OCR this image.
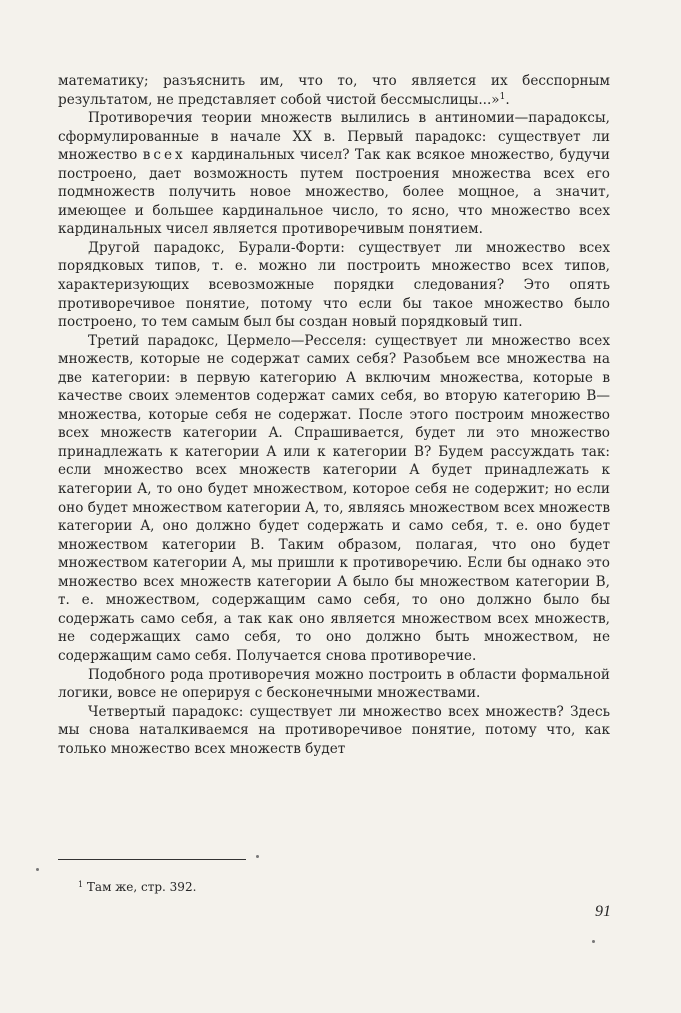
математику; разъяснить им, что то, что является их бесспорным результатом, не представляет собой чистой бессмыслицы...»$^1$.

Противоречия теории множеств вылились в антиномии—парадоксы, сформулированные в начале XX в. Первый парадокс: существует ли множество всех кардинальных чисел? Так как всякое множество, будучи построено, дает возможность путем построения множества всех его подмножеств получить новое множество, более мощное, а значит, имеющее и большее кардинальное число, то ясно, что множество всех кардинальных чисел является противоречивым понятием.

Другой парадокс, Бурали-Форти: существует ли множество всех порядковых типов, т. е. можно ли построить множество всех типов, характеризующих всевозможные порядки следования? Это опять противоречивое понятие, потому что если бы такое множество было построено, то тем самым был бы создан новый порядковый тип.

Третий парадокс, Цермело—Ресселя: существует ли множество всех множеств, которые не содержат самих себя? Разобьем все множества на две категории: в первую категорию A включим множества, которые в качестве своих элементов содержат самих себя, во вторую категорию B—множества, которые себя не содержат. После этого построим множество всех множеств категории A. Спрашивается, будет ли это множество принадлежать к категории A или к категории B? Будем рассуждать так: если множество всех множеств категории A будет принадлежать к категории A, то оно будет множеством, которое себя не содержит; но если оно будет множеством категории A, то, являясь множеством всех множеств категории A, оно должно будет содержать и само себя, т. е. оно будет множеством категории B. Таким образом, полагая, что оно будет множеством категории A, мы пришли к противоречию. Если бы однако это множество всех множеств категории A было бы множеством категории B, т. е. множеством, содержащим само себя, то оно должно было бы содержать само себя, а так как оно является множеством всех множеств, не содержащих само себя, то оно должно быть множеством, не содержащим само себя. Получается снова противоречие.

Подобного рода противоречия можно построить в области формальной логики, вовсе не оперируя с бесконечными множествами.

Четвертый парадокс: существует ли множество всех множеств? Здесь мы снова наталкиваемся на противоречивое понятие, потому что, как только множество всех множеств будет

$^1$ Там же, стр. 392.
91
